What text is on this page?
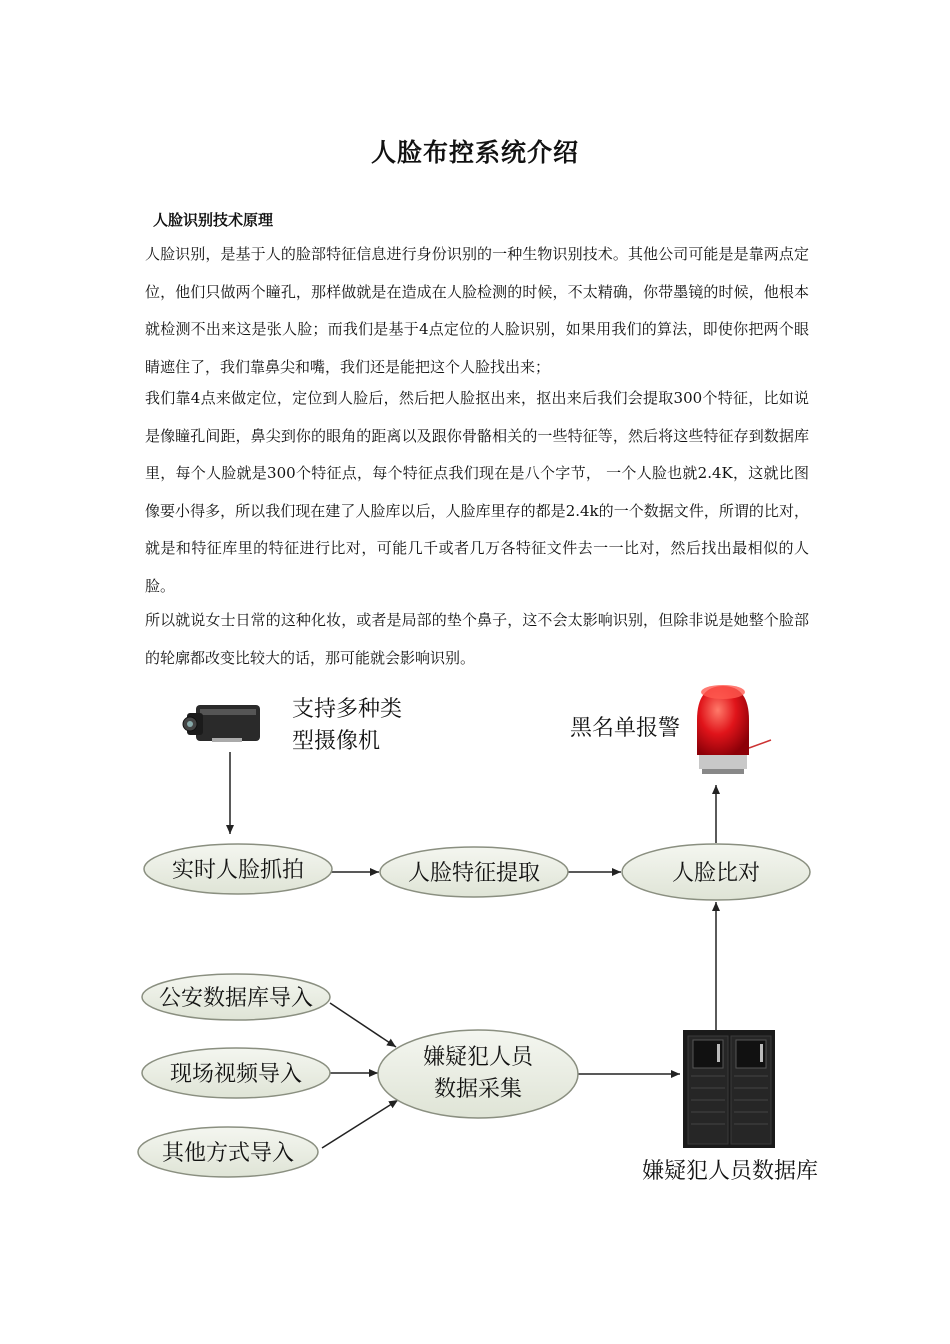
人脸布控系统介绍
人脸识别技术原理
人脸识别，是基于人的脸部特征信息进行身份识别的一种生物识别技术。其他公司可能是是靠两点定位，他们只做两个瞳孔，那样做就是在造成在人脸检测的时候，不太精确，你带墨镜的时候，他根本就检测不出来这是张人脸；而我们是基于4点定位的人脸识别，如果用我们的算法，即使你把两个眼睛遮住了，我们靠鼻尖和嘴，我们还是能把这个人脸找出来；
我们靠4点来做定位，定位到人脸后，然后把人脸抠出来，抠出来后我们会提取300个特征，比如说是像瞳孔间距，鼻尖到你的眼角的距离以及跟你骨骼相关的一些特征等，然后将这些特征存到数据库里，每个人脸就是300个特征点，每个特征点我们现在是八个字节， 一个人脸也就2.4K，这就比图像要小得多，所以我们现在建了人脸库以后，人脸库里存的都是2.4k的一个数据文件，所谓的比对，就是和特征库里的特征进行比对，可能几千或者几万各特征文件去一一比对，然后找出最相似的人脸。
所以就说女士日常的这种化妆，或者是局部的垫个鼻子，这不会太影响识别，但除非说是她整个脸部的轮廓都改变比较大的话，那可能就会影响识别。
支持多种类
型摄像机
黑名单报警
实时人脸抓拍	人脸特征提取	人脸比对
公安数据库导入
现场视频导入
其他方式导入
嫌疑犯人员
数据采集
嫌疑犯人员数据库
